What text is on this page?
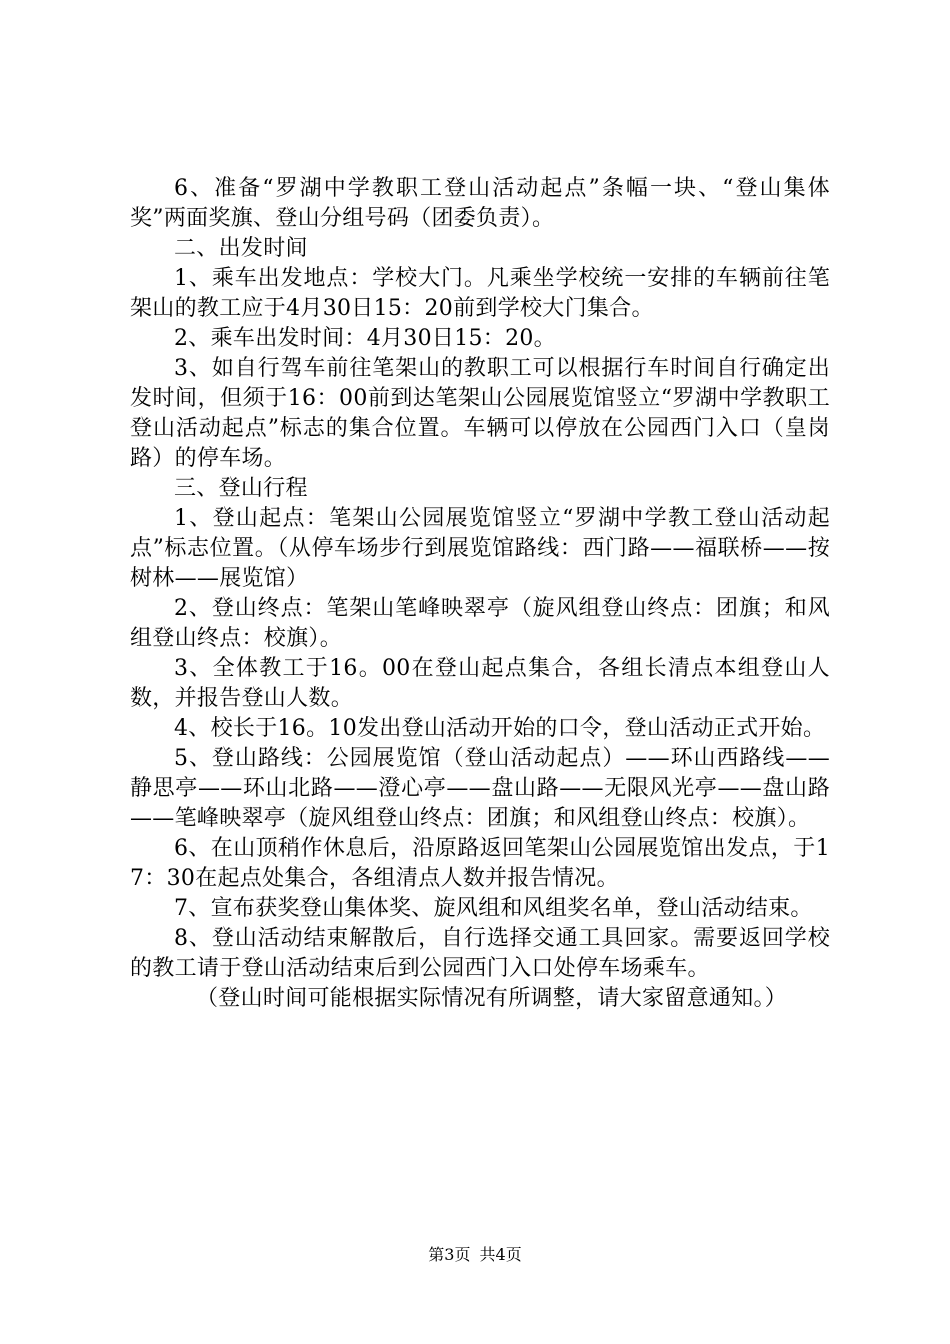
6、准备“罗湖中学教职工登山活动起点”条幅一块、“登山集体奖”两面奖旗、登山分组号码（团委负责）。

二、出发时间

1、乘车出发地点：学校大门。凡乘坐学校统一安排的车辆前往笔架山的教工应于4月30日15：20前到学校大门集合。

2、乘车出发时间：4月30日15：20。

3、如自行驾车前往笔架山的教职工可以根据行车时间自行确定出发时间，但须于16：00前到达笔架山公园展览馆竖立“罗湖中学教职工登山活动起点”标志的集合位置。车辆可以停放在公园西门入口（皇岗路）的停车场。

三、登山行程

1、登山起点：笔架山公园展览馆竖立“罗湖中学教工登山活动起点”标志位置。（从停车场步行到展览馆路线：西门路——福联桥——按树林——展览馆）

2、登山终点：笔架山笔峰映翠亭（旋风组登山终点：团旗；和风组登山终点：校旗）。

3、全体教工于16。00在登山起点集合，各组长清点本组登山人数，并报告登山人数。

4、校长于16。10发出登山活动开始的口令，登山活动正式开始。

5、登山路线：公园展览馆（登山活动起点）——环山西路线——静思亭——环山北路——澄心亭——盘山路——无限风光亭——盘山路——笔峰映翠亭（旋风组登山终点：团旗；和风组登山终点：校旗）。

6、在山顶稍作休息后，沿原路返回笔架山公园展览馆出发点，于17：30在起点处集合，各组清点人数并报告情况。

7、宣布获奖登山集体奖、旋风组和风组奖名单，登山活动结束。

8、登山活动结束解散后，自行选择交通工具回家。需要返回学校的教工请于登山活动结束后到公园西门入口处停车场乘车。

（登山时间可能根据实际情况有所调整，请大家留意通知。）

第3页 共4页
